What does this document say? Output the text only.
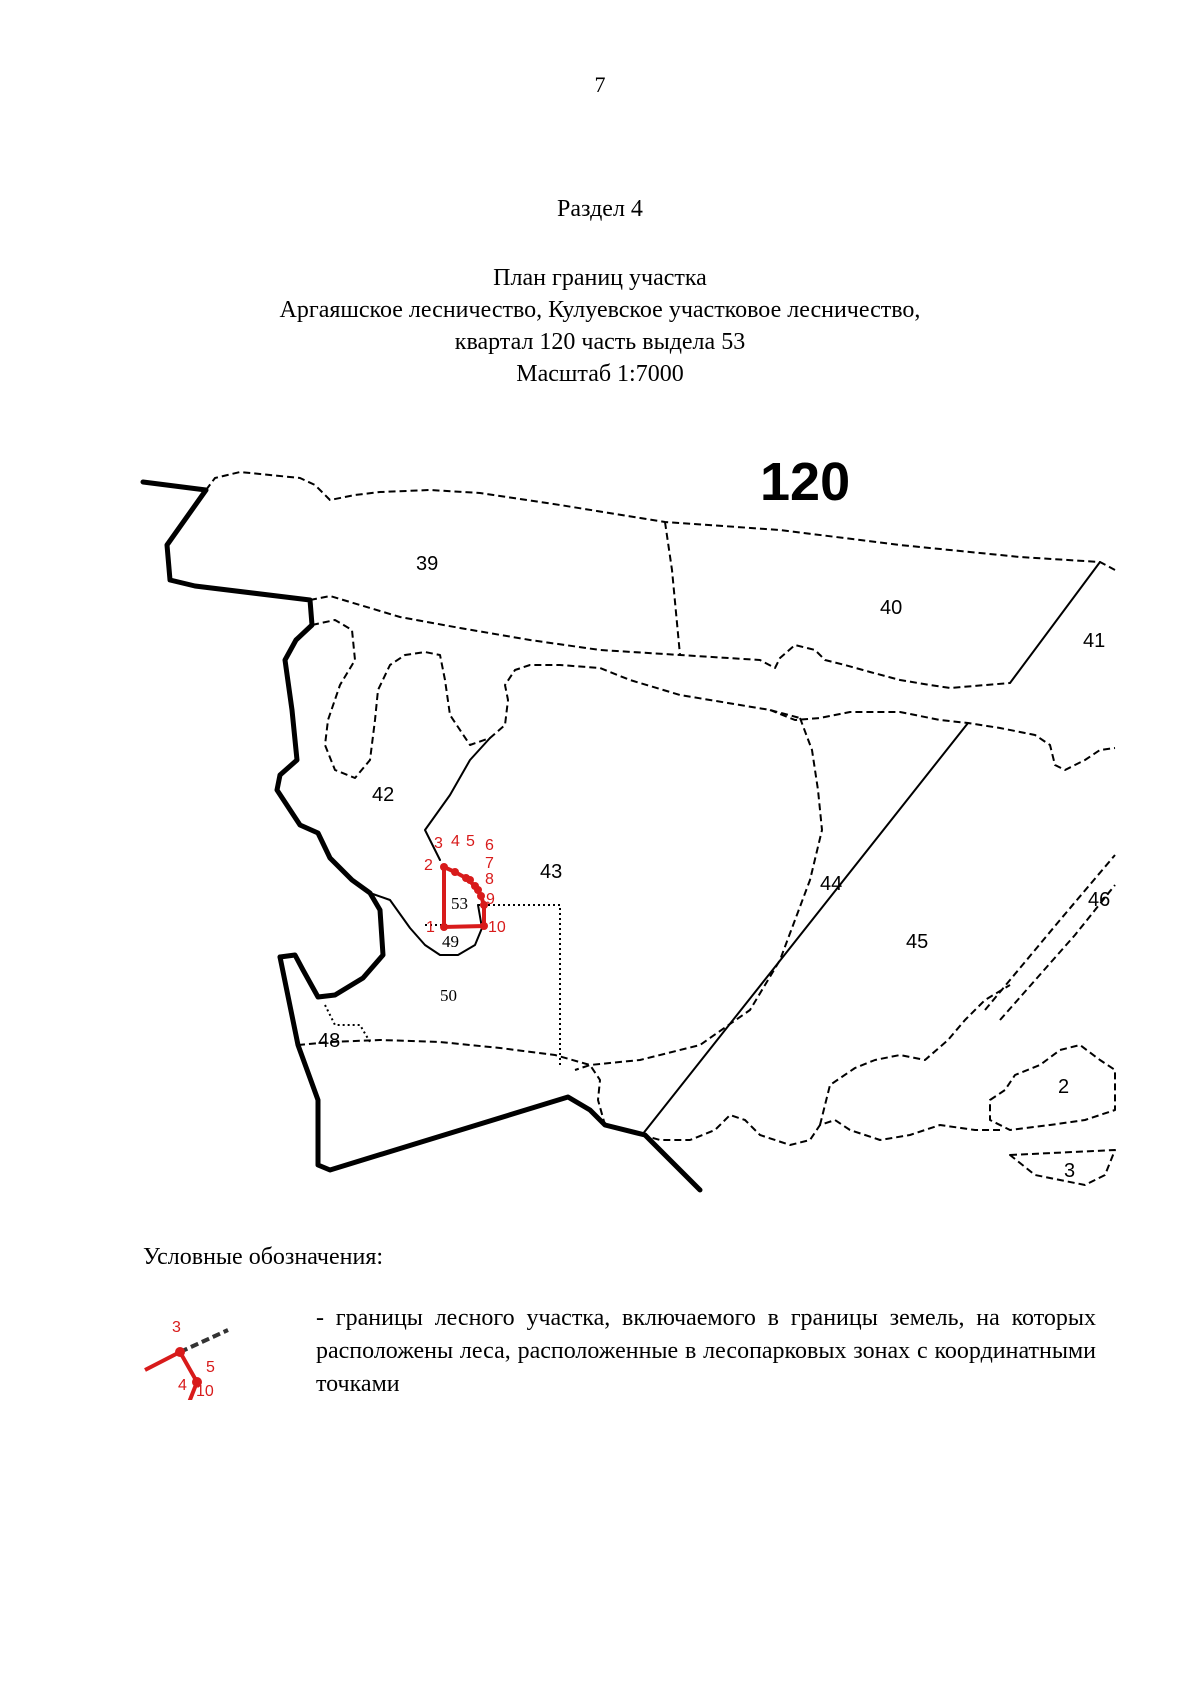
7
Раздел 4
План границ участка
Аргаяшское лесничество, Кулуевское участковое лесничество,
квартал 120 часть выдела 53
Масштаб 1:7000
1
2
3 4 5 6
7
8
9
10
120
39
40
41
42
43
44
45
46
48
2
3
53
49
50
Условные обозначения:
3
5
4 10
- границы лесного участка, включаемого в границы земель, на которых расположены леса, расположенные в лесопарковых зонах с координатными точками
